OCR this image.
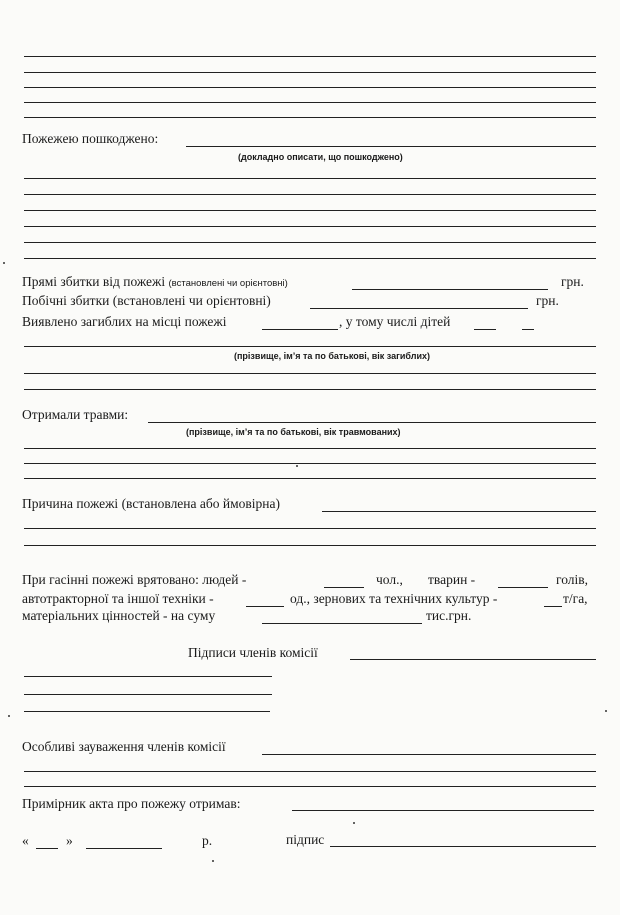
Пожежею пошкоджено:
(докладно описати, що пошкоджено)
Прямі збитки від пожежі (встановлені чи орієнтовні)	грн.
Побічні збитки (встановлені чи орієнтовні)	грн.
Виявлено загиблих на місці пожежі	, у тому числі дітей
(прізвище, ім’я та по батькові, вік загиблих)
Отримали травми:
(прізвище, ім’я та по батькові, вік травмованих)
Причина пожежі (встановлена або ймовірна)
При гасінні пожежі врятовано: людей -	чол., тварин -	голів,
автотракторної та іншої техніки -	од., зернових та технічних культур -	т/га,
матеріальних цінностей - на суму	тис.грн.
Підписи членів комісії
Особливі зауваження членів комісії
Примірник акта про пожежу отримав:
«	»	р.	підпис
